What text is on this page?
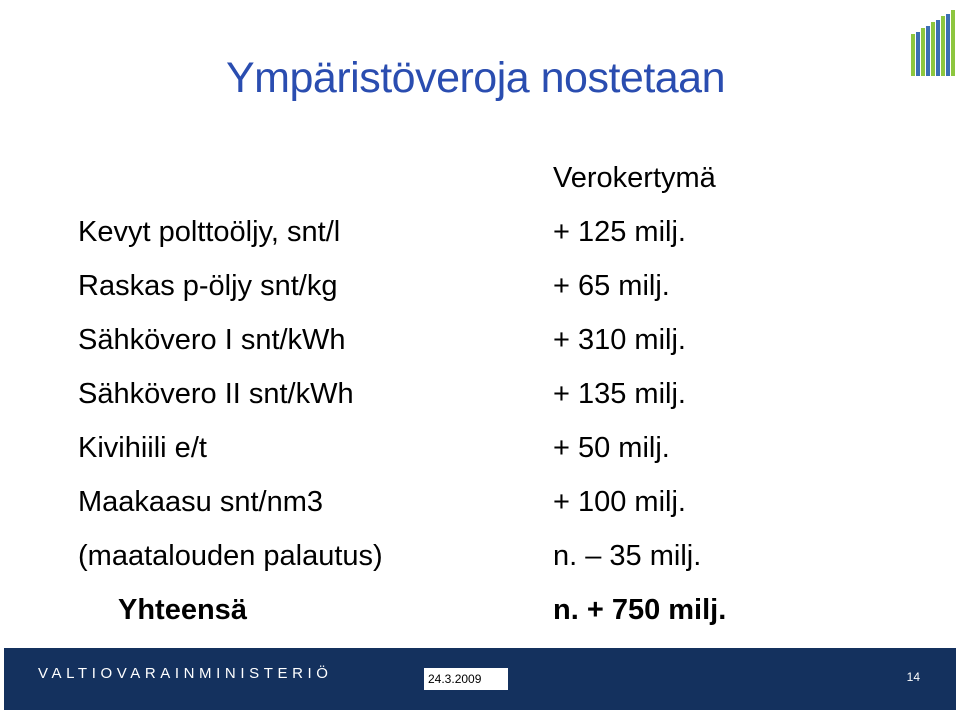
Ympäristöveroja nostetaan
Kevyt polttoöljy, snt/l
Raskas p-öljy snt/kg
Sähkövero I snt/kWh
Sähkövero II snt/kWh
Kivihiili e/t
Maakaasu snt/nm3
(maatalouden palautus)
Yhteensä
Verokertymä
+ 125 milj.
+ 65 milj.
+ 310 milj.
+ 135 milj.
+ 50 milj.
+ 100 milj.
n. – 35 milj.
n. + 750 milj.
VALTIOVARAINMINISTERIÖ	24.3.2009	14
